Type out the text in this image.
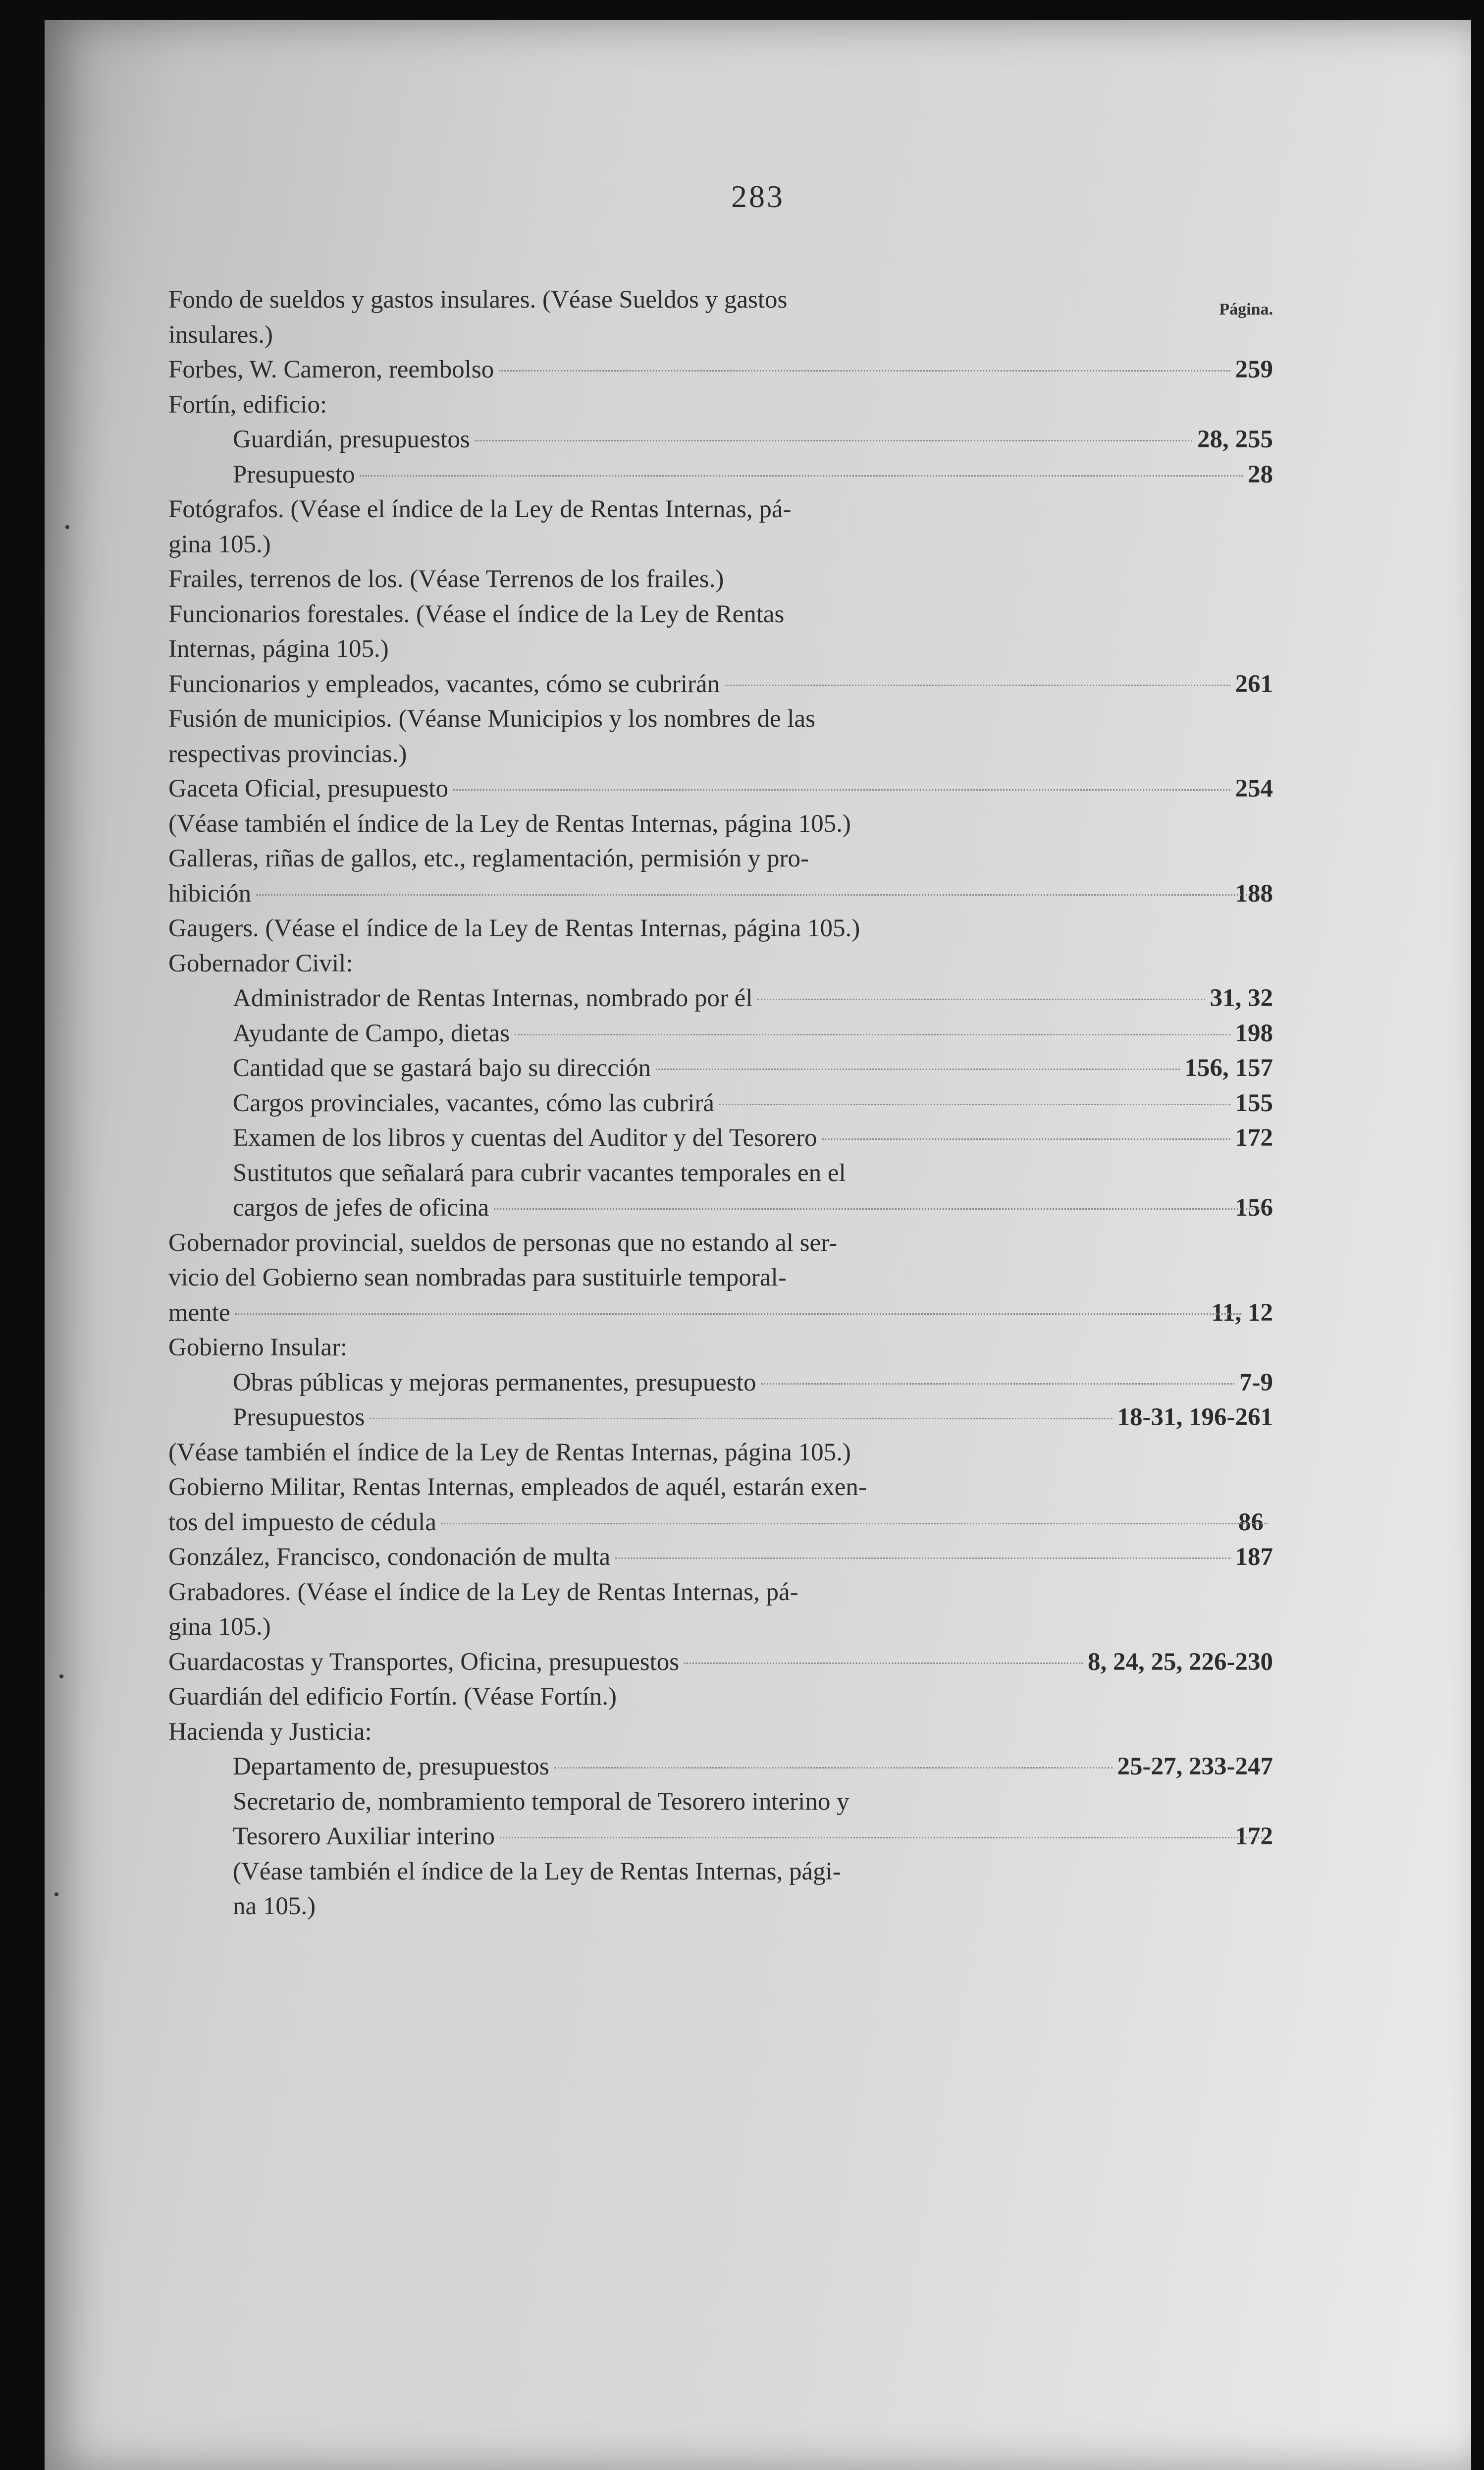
283
Página.
Fondo de sueldos y gastos insulares. (Véase Sueldos y gastos
insulares.)
Forbes, W. Cameron, reembolso	259
Fortín, edificio:
Guardián, presupuestos	28, 255
Presupuesto	28
Fotógrafos. (Véase el índice de la Ley de Rentas Internas, pá-
gina 105.)
Frailes, terrenos de los. (Véase Terrenos de los frailes.)
Funcionarios forestales. (Véase el índice de la Ley de Rentas
Internas, página 105.)
Funcionarios y empleados, vacantes, cómo se cubrirán	261
Fusión de municipios. (Véanse Municipios y los nombres de las
respectivas provincias.)
Gaceta Oficial, presupuesto	254
(Véase también el índice de la Ley de Rentas Internas, página 105.)
Galleras, riñas de gallos, etc., reglamentación, permisión y pro-
hibición	188
Gaugers. (Véase el índice de la Ley de Rentas Internas, página 105.)
Gobernador Civil:
Administrador de Rentas Internas, nombrado por él	31, 32
Ayudante de Campo, dietas	198
Cantidad que se gastará bajo su dirección	156, 157
Cargos provinciales, vacantes, cómo las cubrirá	155
Examen de los libros y cuentas del Auditor y del Tesorero	172
Sustitutos que señalará para cubrir vacantes temporales en el
cargos de jefes de oficina	156
Gobernador provincial, sueldos de personas que no estando al ser-
vicio del Gobierno sean nombradas para sustituirle temporal-
mente	11, 12
Gobierno Insular:
Obras públicas y mejoras permanentes, presupuesto	7-9
Presupuestos	18-31, 196-261
(Véase también el índice de la Ley de Rentas Internas, página 105.)
Gobierno Militar, Rentas Internas, empleados de aquél, estarán exen-
tos del impuesto de cédula	86
González, Francisco, condonación de multa	187
Grabadores. (Véase el índice de la Ley de Rentas Internas, pá-
gina 105.)
Guardacostas y Transportes, Oficina, presupuestos	8, 24, 25, 226-230
Guardián del edificio Fortín. (Véase Fortín.)
Hacienda y Justicia:
Departamento de, presupuestos	25-27, 233-247
Secretario de, nombramiento temporal de Tesorero interino y
Tesorero Auxiliar interino	172
(Véase también el índice de la Ley de Rentas Internas, pági-
na 105.)
